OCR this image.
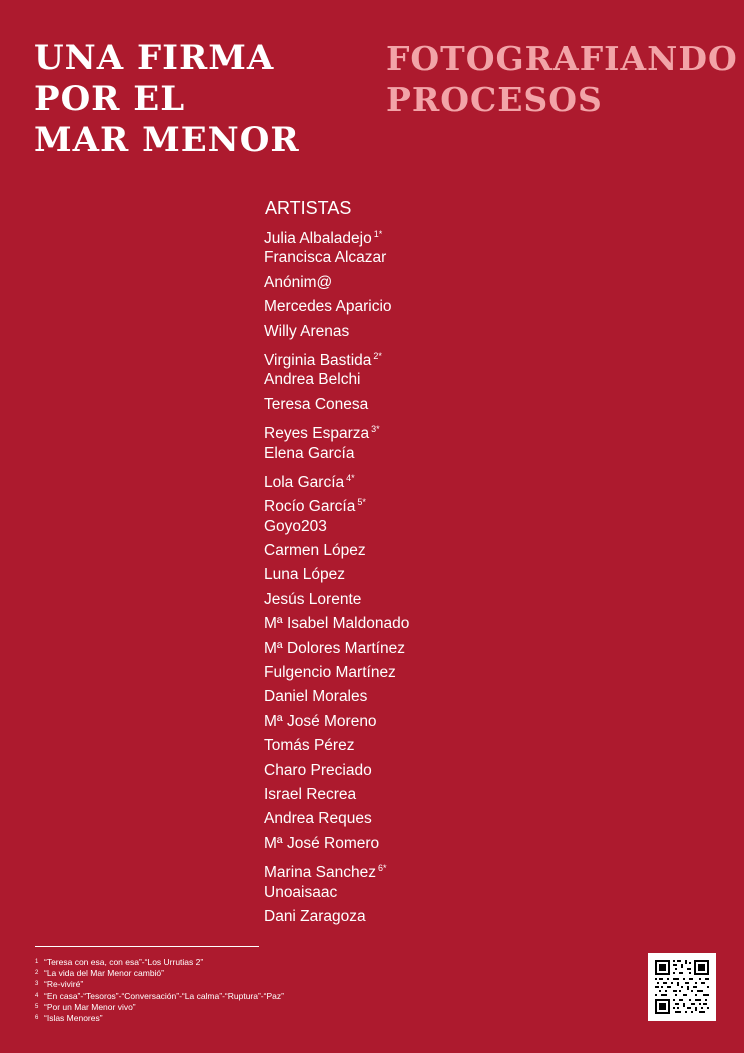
UNA FIRMA
POR EL
MAR MENOR
FOTOGRAFIANDO
PROCESOS
ARTISTAS
Julia Albaladejo $^{1*}$
Francisca Alcazar
Anónim@
Mercedes Aparicio
Willy Arenas
Virginia Bastida $^{2*}$
Andrea Belchi
Teresa Conesa
Reyes Esparza $^{3*}$
Elena García
Lola García $^{4*}$
Rocío García $^{5*}$
Goyo203
Carmen López
Luna López
Jesús Lorente
Mª Isabel Maldonado
Mª Dolores Martínez
Fulgencio Martínez
Daniel Morales
Mª José Moreno
Tomás Pérez
Charo Preciado
Israel Recrea
Andrea Reques
Mª José Romero
Marina Sanchez $^{6*}$
Unoaisaac
Dani Zaragoza
1 “Teresa con esa, con esa”-“Los Urrutias 2”
2 “La vida del Mar Menor cambió”
3 “Re-viviré”
4 “En casa”-“Tesoros”-“Conversación”-“La calma”-“Ruptura”-“Paz”
5 “Por un Mar Menor vivo”
6 “Islas Menores”
